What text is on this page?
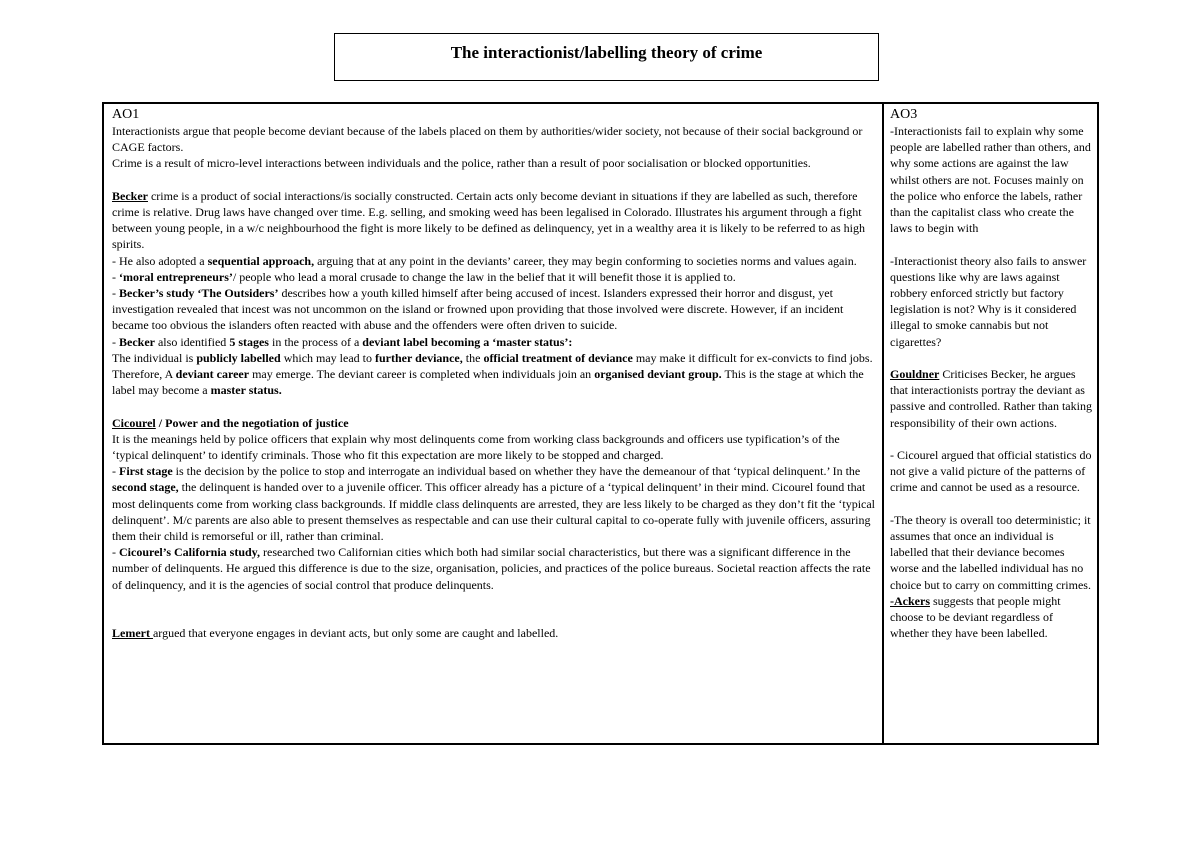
The interactionist/labelling theory of crime

AO1

Interactionists argue that people become deviant because of the labels placed on them by authorities/wider society, not because of their social background or CAGE factors.

Crime is a result of micro-level interactions between individuals and the police, rather than a result of poor socialisation or blocked opportunities.

Becker crime is a product of social interactions/is socially constructed. Certain acts only become deviant in situations if they are labelled as such, therefore crime is relative. Drug laws have changed over time. E.g. selling, and smoking weed has been legalised in Colorado. Illustrates his argument through a fight between young people, in a w/c neighbourhood the fight is more likely to be defined as delinquency, yet in a wealthy area it is likely to be referred to as high spirits.

- He also adopted a sequential approach, arguing that at any point in the deviants’ career, they may begin conforming to societies norms and values again.

- ‘moral entrepreneurs’/ people who lead a moral crusade to change the law in the belief that it will benefit those it is applied to.

- Becker’s study ‘The Outsiders’ describes how a youth killed himself after being accused of incest. Islanders expressed their horror and disgust, yet investigation revealed that incest was not uncommon on the island or frowned upon providing that those involved were discrete. However, if an incident became too obvious the islanders often reacted with abuse and the offenders were often driven to suicide.

- Becker also identified 5 stages in the process of a deviant label becoming a ‘master status’:

The individual is publicly labelled which may lead to further deviance, the official treatment of deviance may make it difficult for ex-convicts to find jobs. Therefore, A deviant career may emerge. The deviant career is completed when individuals join an organised deviant group. This is the stage at which the label may become a master status.

Cicourel / Power and the negotiation of justice

It is the meanings held by police officers that explain why most delinquents come from working class backgrounds and officers use typification’s of the ‘typical delinquent’ to identify criminals. Those who fit this expectation are more likely to be stopped and charged.

- First stage is the decision by the police to stop and interrogate an individual based on whether they have the demeanour of that ‘typical delinquent.’ In the second stage, the delinquent is handed over to a juvenile officer. This officer already has a picture of a ‘typical delinquent’ in their mind. Cicourel found that most delinquents come from working class backgrounds. If middle class delinquents are arrested, they are less likely to be charged as they don’t fit the ‘typical delinquent’. M/c parents are also able to present themselves as respectable and can use their cultural capital to co-operate fully with juvenile officers, assuring them their child is remorseful or ill, rather than criminal.

- Cicourel’s California study, researched two Californian cities which both had similar social characteristics, but there was a significant difference in the number of delinquents. He argued this difference is due to the size, organisation, policies, and practices of the police bureaus. Societal reaction affects the rate of delinquency, and it is the agencies of social control that produce delinquents.

Lemert argued that everyone engages in deviant acts, but only some are caught and labelled.

AO3

-Interactionists fail to explain why some people are labelled rather than others, and why some actions are against the law whilst others are not. Focuses mainly on the police who enforce the labels, rather than the capitalist class who create the laws to begin with

-Interactionist theory also fails to answer questions like why are laws against robbery enforced strictly but factory legislation is not? Why is it considered illegal to smoke cannabis but not cigarettes?

Gouldner Criticises Becker, he argues that interactionists portray the deviant as passive and controlled. Rather than taking responsibility of their own actions.

- Cicourel argued that official statistics do not give a valid picture of the patterns of crime and cannot be used as a resource.

-The theory is overall too deterministic; it assumes that once an individual is labelled that their deviance becomes worse and the labelled individual has no choice but to carry on committing crimes.

-Ackers suggests that people might choose to be deviant regardless of whether they have been labelled.
